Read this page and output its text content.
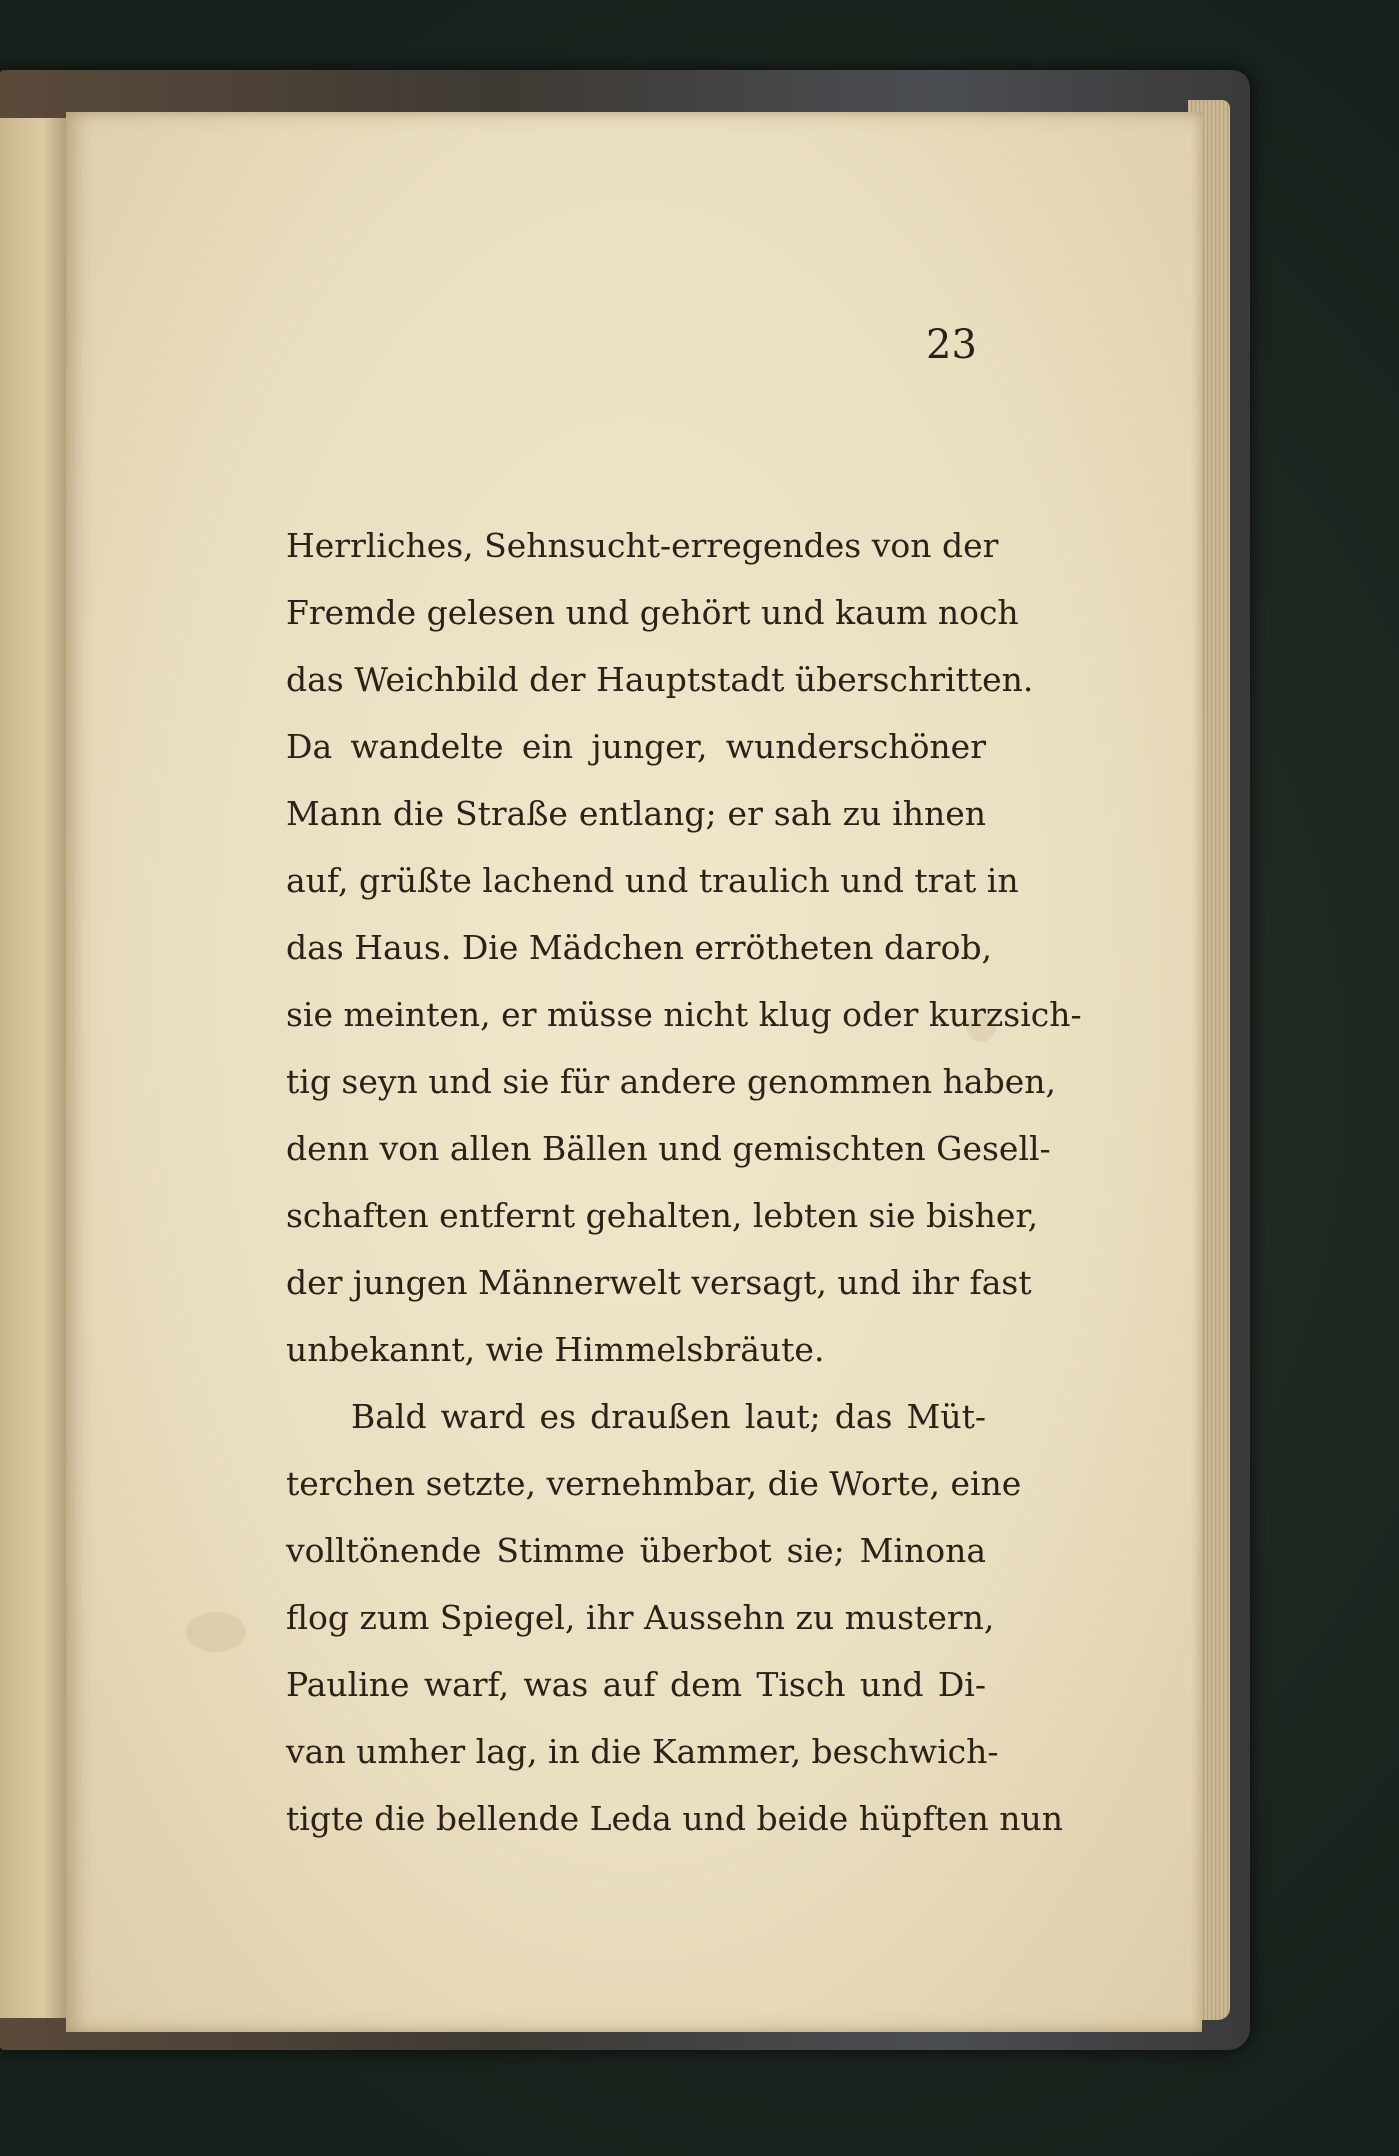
23
Herrliches, Sehnsucht-erregendes von der
Fremde gelesen und gehört und kaum noch
das Weichbild der Hauptstadt überschritten.
Da wandelte ein junger, wunderschöner
Mann die Straße entlang; er sah zu ihnen
auf, grüßte lachend und traulich und trat in
das Haus. Die Mädchen errötheten darob,
sie meinten, er müsse nicht klug oder kurzsich-
tig seyn und sie für andere genommen haben,
denn von allen Bällen und gemischten Gesell-
schaften entfernt gehalten, lebten sie bisher,
der jungen Männerwelt versagt, und ihr fast
unbekannt, wie Himmelsbräute.
Bald ward es draußen laut; das Müt-
terchen setzte, vernehmbar, die Worte, eine
volltönende Stimme überbot sie; Minona
flog zum Spiegel, ihr Aussehn zu mustern,
Pauline warf, was auf dem Tisch und Di-
van umher lag, in die Kammer, beschwich-
tigte die bellende Leda und beide hüpften nun
